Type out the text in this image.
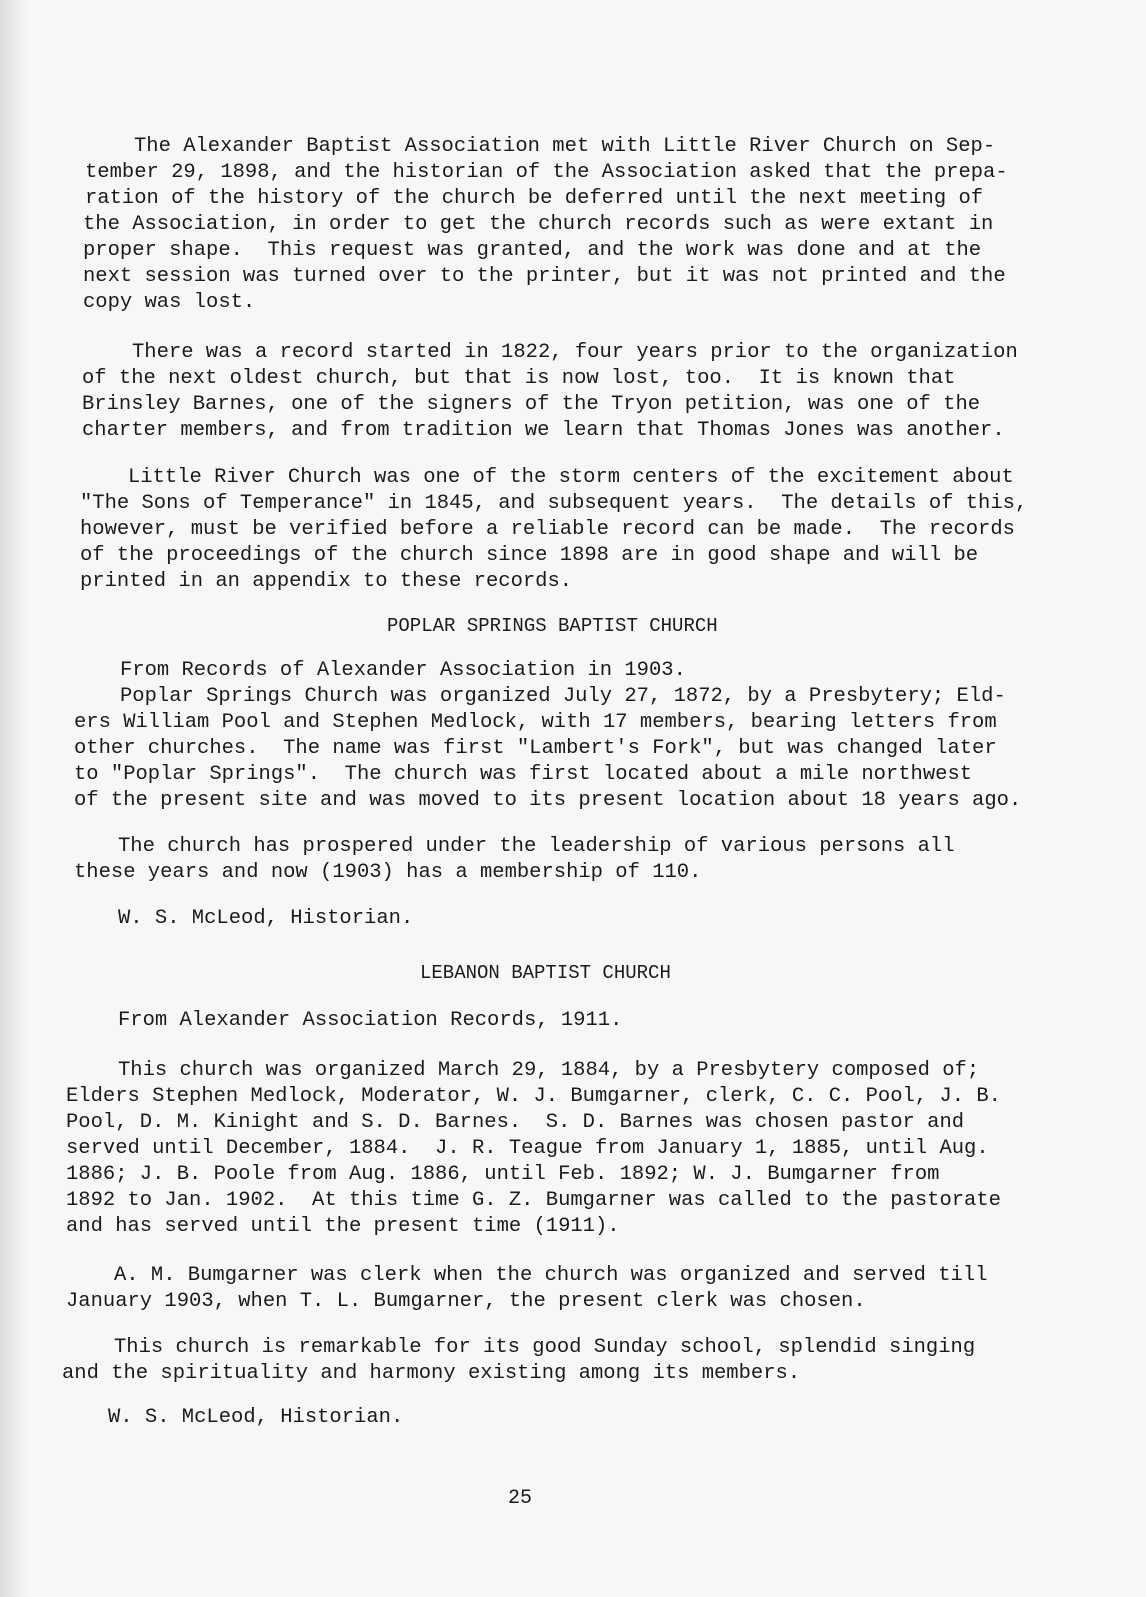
The Alexander Baptist Association met with Little River Church on Sep-
tember 29, 1898, and the historian of the Association asked that the prepa-
ration of the history of the church be deferred until the next meeting of
the Association, in order to get the church records such as were extant in
proper shape.  This request was granted, and the work was done and at the
next session was turned over to the printer, but it was not printed and the
copy was lost.
There was a record started in 1822, four years prior to the organization
of the next oldest church, but that is now lost, too.  It is known that
Brinsley Barnes, one of the signers of the Tryon petition, was one of the
charter members, and from tradition we learn that Thomas Jones was another.
Little River Church was one of the storm centers of the excitement about
"The Sons of Temperance" in 1845, and subsequent years.  The details of this,
however, must be verified before a reliable record can be made.  The records
of the proceedings of the church since 1898 are in good shape and will be
printed in an appendix to these records.
POPLAR SPRINGS BAPTIST CHURCH
From Records of Alexander Association in 1903.
Poplar Springs Church was organized July 27, 1872, by a Presbytery; Eld-
ers William Pool and Stephen Medlock, with 17 members, bearing letters from
other churches.  The name was first "Lambert's Fork", but was changed later
to "Poplar Springs".  The church was first located about a mile northwest
of the present site and was moved to its present location about 18 years ago.
The church has prospered under the leadership of various persons all
these years and now (1903) has a membership of 110.
W. S. McLeod, Historian.
LEBANON BAPTIST CHURCH
From Alexander Association Records, 1911.
This church was organized March 29, 1884, by a Presbytery composed of;
Elders Stephen Medlock, Moderator, W. J. Bumgarner, clerk, C. C. Pool, J. B.
Pool, D. M. Kinight and S. D. Barnes.  S. D. Barnes was chosen pastor and
served until December, 1884.  J. R. Teague from January 1, 1885, until Aug.
1886; J. B. Poole from Aug. 1886, until Feb. 1892; W. J. Bumgarner from
1892 to Jan. 1902.  At this time G. Z. Bumgarner was called to the pastorate
and has served until the present time (1911).
A. M. Bumgarner was clerk when the church was organized and served till
January 1903, when T. L. Bumgarner, the present clerk was chosen.
This church is remarkable for its good Sunday school, splendid singing
and the spirituality and harmony existing among its members.
W. S. McLeod, Historian.
25
